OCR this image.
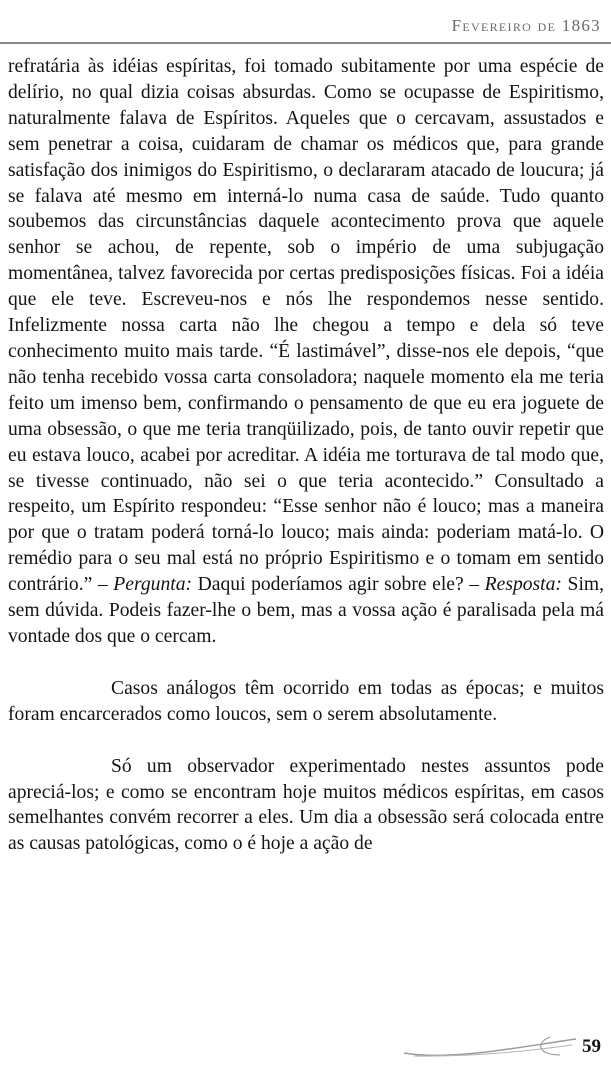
Fevereiro de 1863

refratária às idéias espíritas, foi tomado subitamente por uma espécie de delírio, no qual dizia coisas absurdas. Como se ocupasse de Espiritismo, naturalmente falava de Espíritos. Aqueles que o cercavam, assustados e sem penetrar a coisa, cuidaram de chamar os médicos que, para grande satisfação dos inimigos do Espiritismo, o declararam atacado de loucura; já se falava até mesmo em interná-lo numa casa de saúde. Tudo quanto soubemos das circunstâncias daquele acontecimento prova que aquele senhor se achou, de repente, sob o império de uma subjugação momentânea, talvez favorecida por certas predisposições físicas. Foi a idéia que ele teve. Escreveu-nos e nós lhe respondemos nesse sentido. Infelizmente nossa carta não lhe chegou a tempo e dela só teve conhecimento muito mais tarde. “É lastimável”, disse-nos ele depois, “que não tenha recebido vossa carta consoladora; naquele momento ela me teria feito um imenso bem, confirmando o pensamento de que eu era joguete de uma obsessão, o que me teria tranqüilizado, pois, de tanto ouvir repetir que eu estava louco, acabei por acreditar. A idéia me torturava de tal modo que, se tivesse continuado, não sei o que teria acontecido.” Consultado a respeito, um Espírito respondeu: “Esse senhor não é louco; mas a maneira por que o tratam poderá torná-lo louco; mais ainda: poderiam matá-lo. O remédio para o seu mal está no próprio Espiritismo e o tomam em sentido contrário.” – Pergunta: Daqui poderíamos agir sobre ele? – Resposta: Sim, sem dúvida. Podeis fazer-lhe o bem, mas a vossa ação é paralisada pela má vontade dos que o cercam.

Casos análogos têm ocorrido em todas as épocas; e muitos foram encarcerados como loucos, sem o serem absolutamente.

Só um observador experimentado nestes assuntos pode apreciá-los; e como se encontram hoje muitos médicos espíritas, em casos semelhantes convém recorrer a eles. Um dia a obsessão será colocada entre as causas patológicas, como o é hoje a ação de

59
